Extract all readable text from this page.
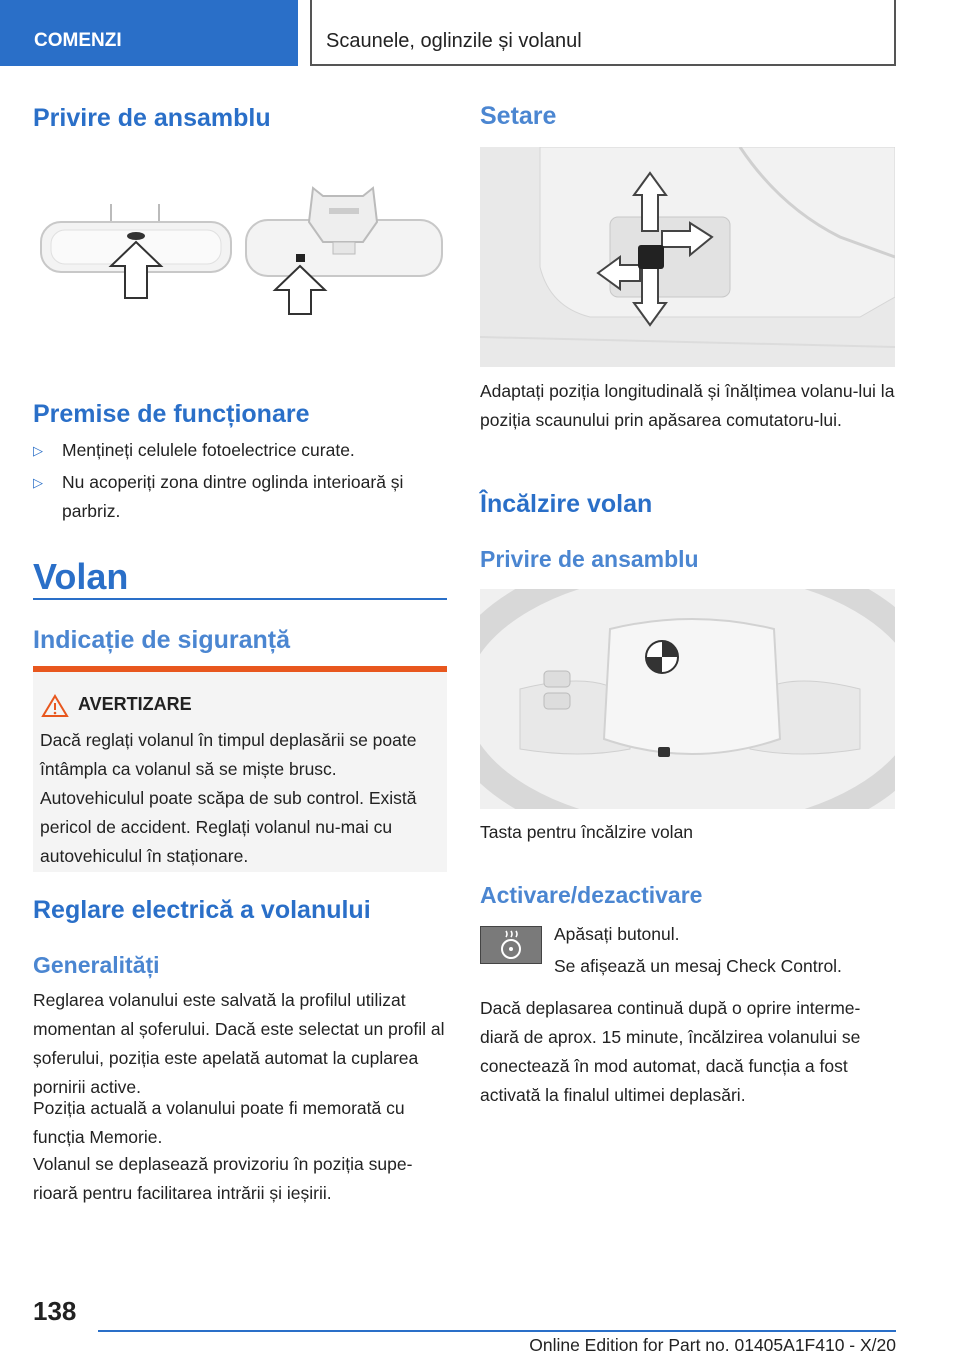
COMENZI	Scaunele, oglinzile și volanul
Privire de ansamblu
Premise de funcționare
▷ Mențineți celulele fotoelectrice curate.
▷ Nu acoperiți zona dintre oglinda interioară și parbriz.
Volan
Indicație de siguranță
AVERTIZARE
Dacă reglați volanul în timpul deplasării se poate întâmpla ca volanul să se miște brusc. Autovehiculul poate scăpa de sub control. Există pericol de accident. Reglați volanul nu-mai cu autovehiculul în staționare.
Reglare electrică a volanului
Generalități

Reglarea volanului este salvată la profilul utilizat momentan al șoferului. Dacă este selectat un profil al șoferului, poziția este apelată automat la cuplarea pornirii active.

Poziția actuală a volanului poate fi memorată cu funcția Memorie.

Volanul se deplasează provizoriu în poziția supe-rioară pentru facilitarea intrării și ieșirii.

Setare

Adaptați poziția longitudinală și înălțimea volanu-lui la poziția scaunului prin apăsarea comutatoru-lui.

Încălzire volan
Privire de ansamblu

Tasta pentru încălzire volan

Activare/dezactivare

Apăsați butonul.

Se afișează un mesaj Check Control.

Dacă deplasarea continuă după o oprire interme-diară de aprox. 15 minute, încălzirea volanului se conectează în mod automat, dacă funcția a fost activată la finalul ultimei deplasări.

138
Online Edition for Part no. 01405A1F410 - X/20
